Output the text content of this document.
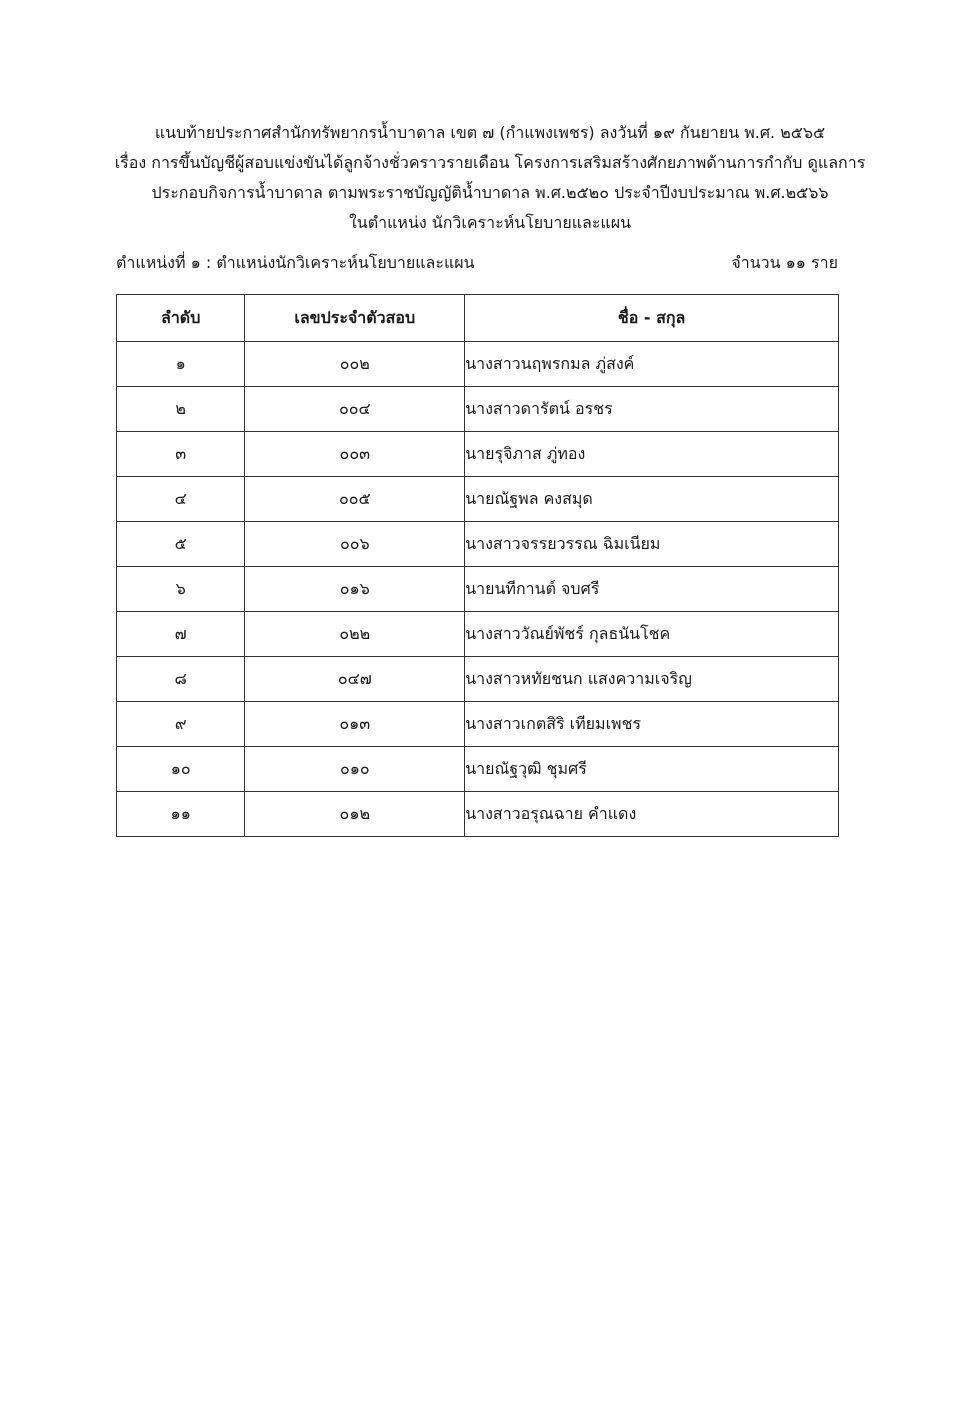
แนบท้ายประกาศสำนักทรัพยากรน้ำบาดาล เขต ๗ (กำแพงเพชร) ลงวันที่ ๑๙ กันยายน พ.ศ. ๒๕๖๕
เรื่อง การขึ้นบัญชีผู้สอบแข่งขันได้ลูกจ้างชั่วคราวรายเดือน โครงการเสริมสร้างศักยภาพด้านการกำกับ ดูแลการ
ประกอบกิจการน้ำบาดาล ตามพระราชบัญญัติน้ำบาดาล พ.ศ.๒๕๒๐ ประจำปีงบประมาณ พ.ศ.๒๕๖๖
ในตำแหน่ง นักวิเคราะห์นโยบายและแผน
ตำแหน่งที่ ๑ : ตำแหน่งนักวิเคราะห์นโยบายและแผน	จำนวน ๑๑ ราย
ลำดับ	เลขประจำตัวสอบ	ชื่อ - สกุล
๑	๐๐๒	นางสาวนฤพรกมล ภู่สงค์
๒	๐๐๔	นางสาวดารัตน์ อรชร
๓	๐๐๓	นายรุจิภาส ภู่ทอง
๔	๐๐๕	นายณัฐพล คงสมุด
๕	๐๐๖	นางสาวจรรยวรรณ ฉิมเนียม
๖	๐๑๖	นายนทีกานต์ จบศรี
๗	๐๒๒	นางสาววัณย์พัชร์ กุลธนันโชค
๘	๐๔๗	นางสาวหทัยชนก แสงความเจริญ
๙	๐๑๓	นางสาวเกตสิริ เทียมเพชร
๑๐	๐๑๐	นายณัฐวุฒิ ชุมศรี
๑๑	๐๑๒	นางสาวอรุณฉาย คำแดง
